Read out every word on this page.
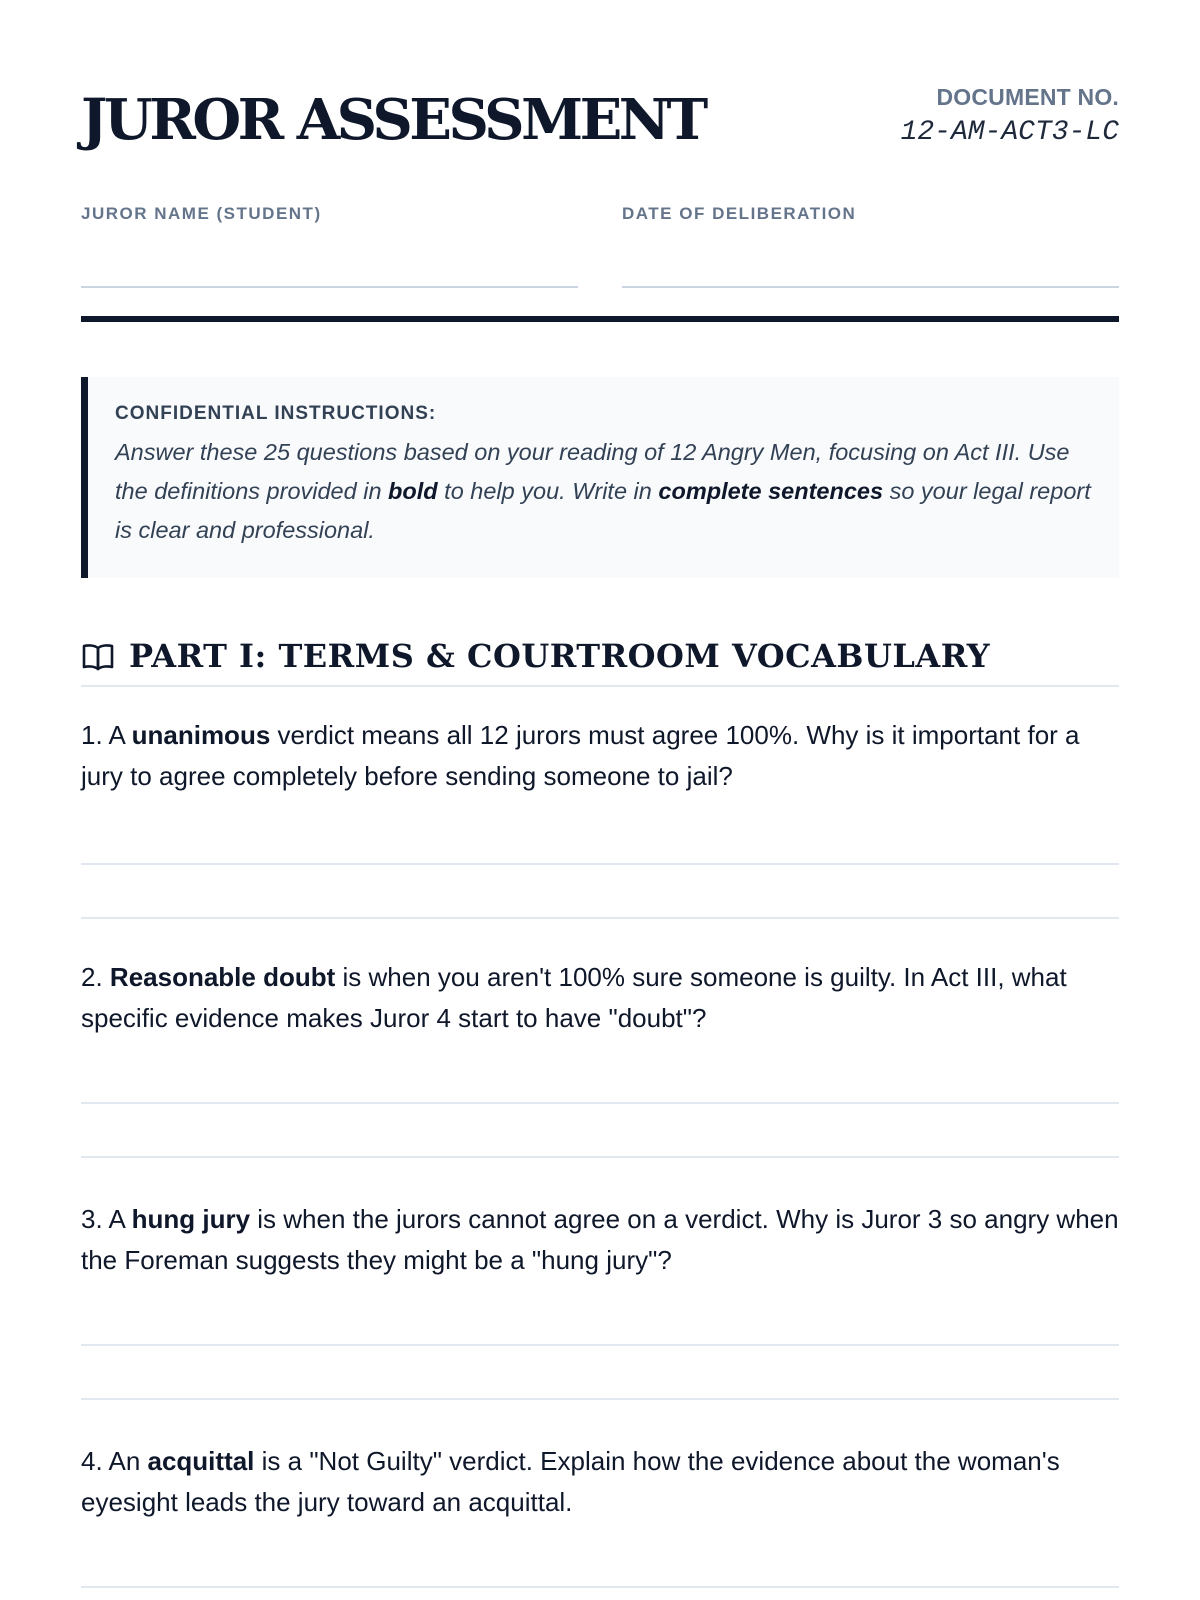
JUROR ASSESSMENT	DOCUMENT NO.
12-AM-ACT3-LC
JUROR NAME (STUDENT)	DATE OF DELIBERATION
CONFIDENTIAL INSTRUCTIONS:

Answer these 25 questions based on your reading of 12 Angry Men, focusing on Act III. Use the definitions provided in bold to help you. Write in complete sentences so your legal report is clear and professional.

PART I: TERMS & COURTROOM VOCABULARY

1. A unanimous verdict means all 12 jurors must agree 100%. Why is it important for a jury to agree completely before sending someone to jail?

2. Reasonable doubt is when you aren't 100% sure someone is guilty. In Act III, what specific evidence makes Juror 4 start to have "doubt"?

3. A hung jury is when the jurors cannot agree on a verdict. Why is Juror 3 so angry when the Foreman suggests they might be a "hung jury"?

4. An acquittal is a "Not Guilty" verdict. Explain how the evidence about the woman's eyesight leads the jury toward an acquittal.
